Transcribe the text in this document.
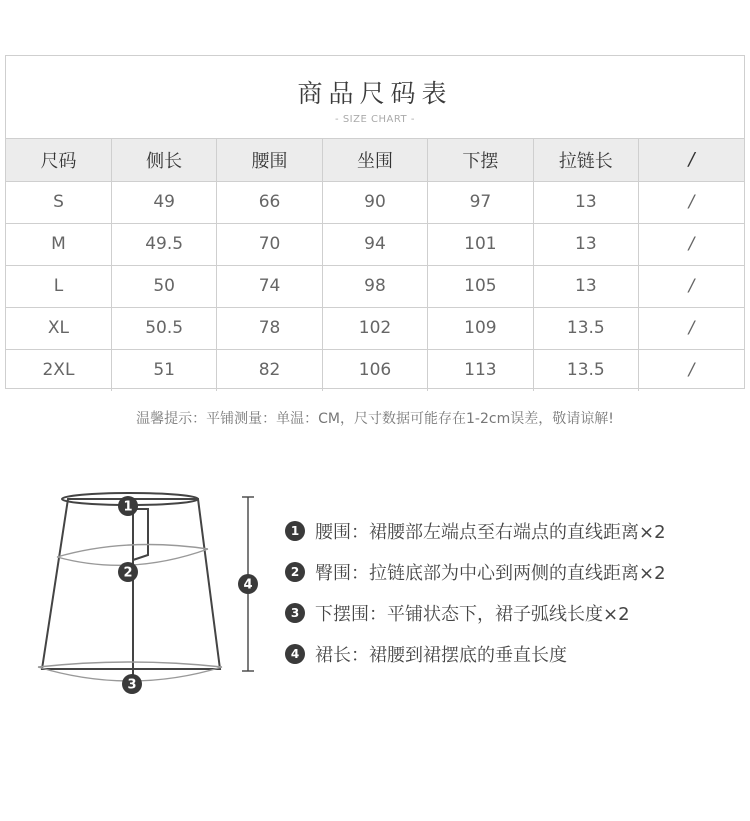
商品尺码表
- SIZE CHART -
尺码	侧长	腰围	坐围	下摆	拉链长	/
S	49	66	90	97	13	/
M	49.5	70	94	101	13	/
L	50	74	98	105	13	/
XL	50.5	78	102	109	13.5	/
2XL	51	82	106	113	13.5	/
温馨提示：平铺测量：单温：CM，尺寸数据可能存在1-2cm误差，敬请谅解!
1
2
3
4
1 腰围：裙腰部左端点至右端点的直线距离×2
2 臀围：拉链底部为中心到两侧的直线距离×2
3 下摆围：平铺状态下，裙子弧线长度×2
4 裙长：裙腰到裙摆底的垂直长度
